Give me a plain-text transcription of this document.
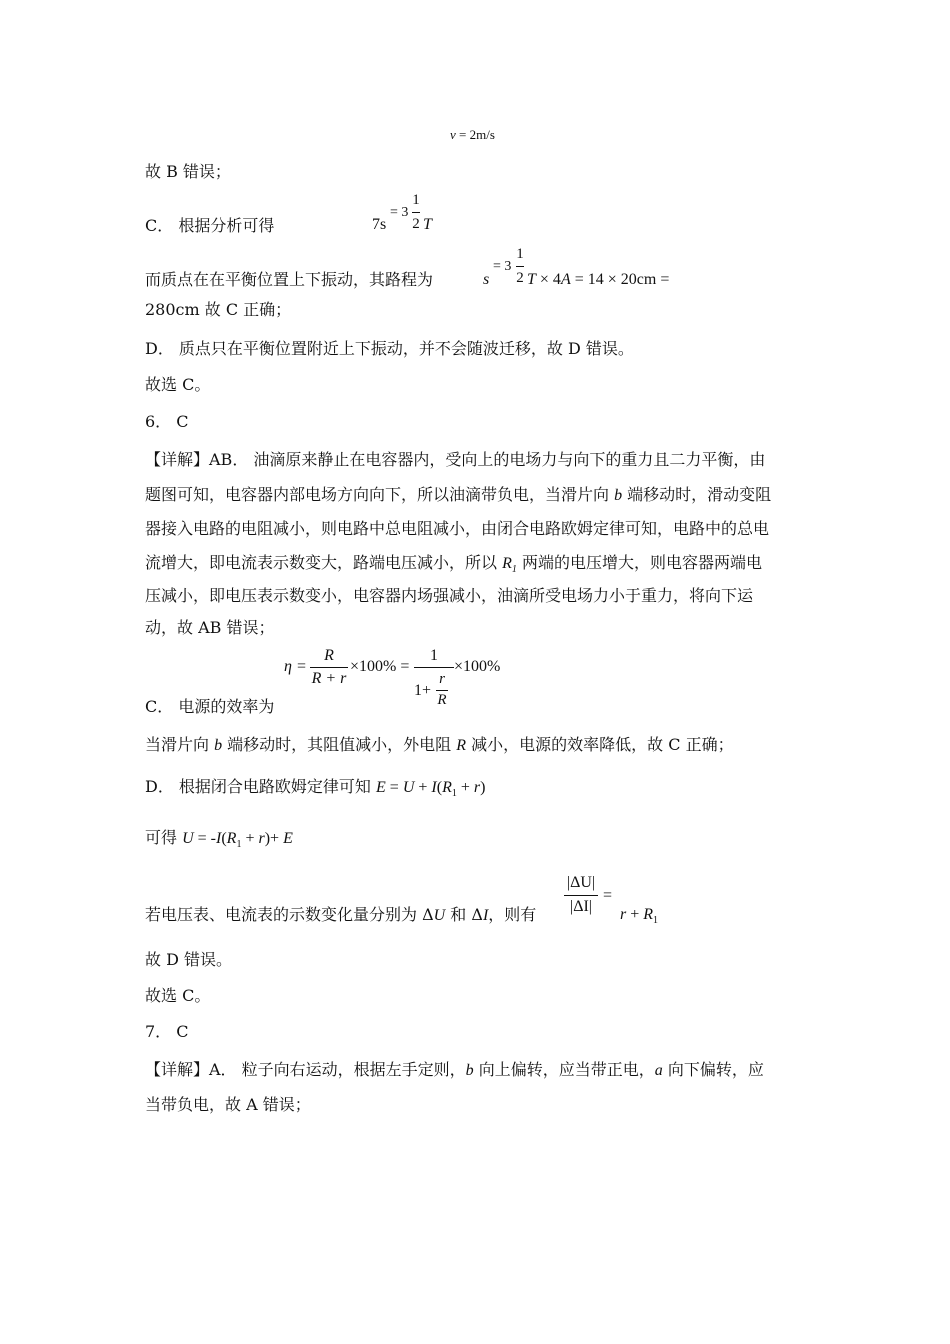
v = 2m/s
故 B 错误；
C． 根据分析可得	7s
= 3
1
2 T
而质点在在平衡位置上下振动，其路程为	s
= 3
1
2 T × 4A = 14 × 20cm =
280cm 故 C 正确；
D． 质点只在平衡位置附近上下振动，并不会随波迁移，故 D 错误。
故选 C。
6． C
【详解】AB． 油滴原来静止在电容器内，受向上的电场力与向下的重力且二力平衡，由
题图可知，电容器内部电场方向向下，所以油滴带负电，当滑片向 b 端移动时，滑动变阻
器接入电路的电阻减小，则电路中总电阻减小，由闭合电路欧姆定律可知，电路中的总电
流增大，即电流表示数变大，路端电压减小，所以 $R_1$ 两端的电压增大，则电容器两端电
压减小，即电压表示数变小，电容器内场强减小，油滴所受电场力小于重力，将向下运
动，故 AB 错误；
η =
R
R + r
×100% =
1
1+
r
R
×100%
C． 电源的效率为
当滑片向 b 端移动时，其阻值减小，外电阻 R 减小，电源的效率降低，故 C 正确；
D． 根据闭合电路欧姆定律可知 $E = U + I(R_1 + r)$
可得 $U = -I(R_1 + r)+ E$
若电压表、电流表的示数变化量分别为 ΔU 和 ΔI，则有
|ΔU|
|ΔI|
=
$r + R_1$
故 D 错误。
故选 C。
7． C
【详解】A． 粒子向右运动，根据左手定则，b 向上偏转，应当带正电，a 向下偏转，应
当带负电，故 A 错误；
